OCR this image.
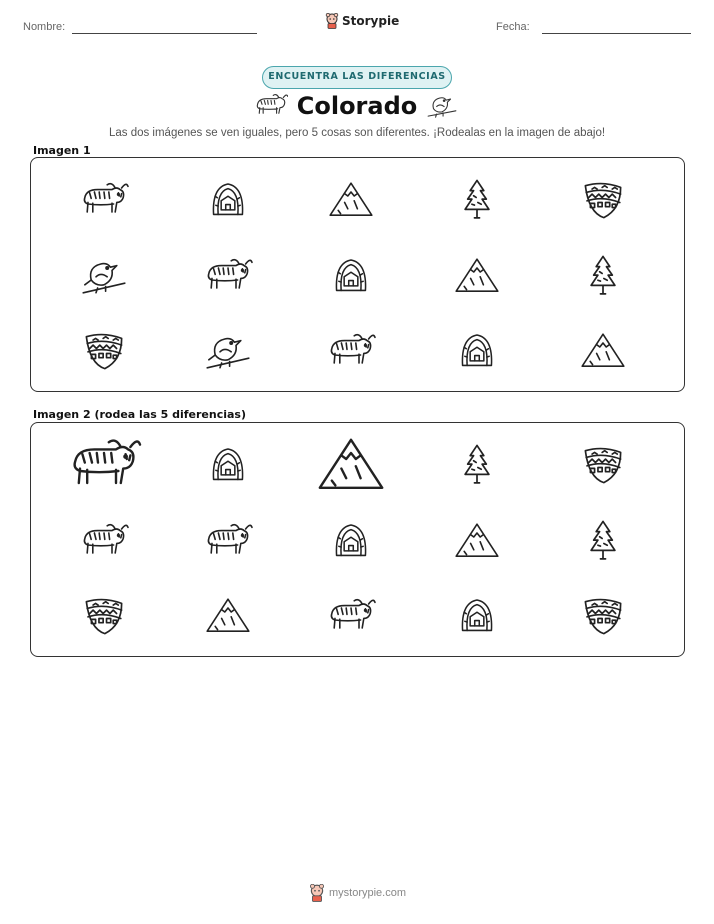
Nombre:	Storypie	Fecha:
ENCUENTRA LAS DIFERENCIAS
Colorado
Las dos imágenes se ven iguales, pero 5 cosas son diferentes. ¡Rodealas en la imagen de abajo!
Imagen 1
Imagen 2 (rodea las 5 diferencias)
mystorypie.com
